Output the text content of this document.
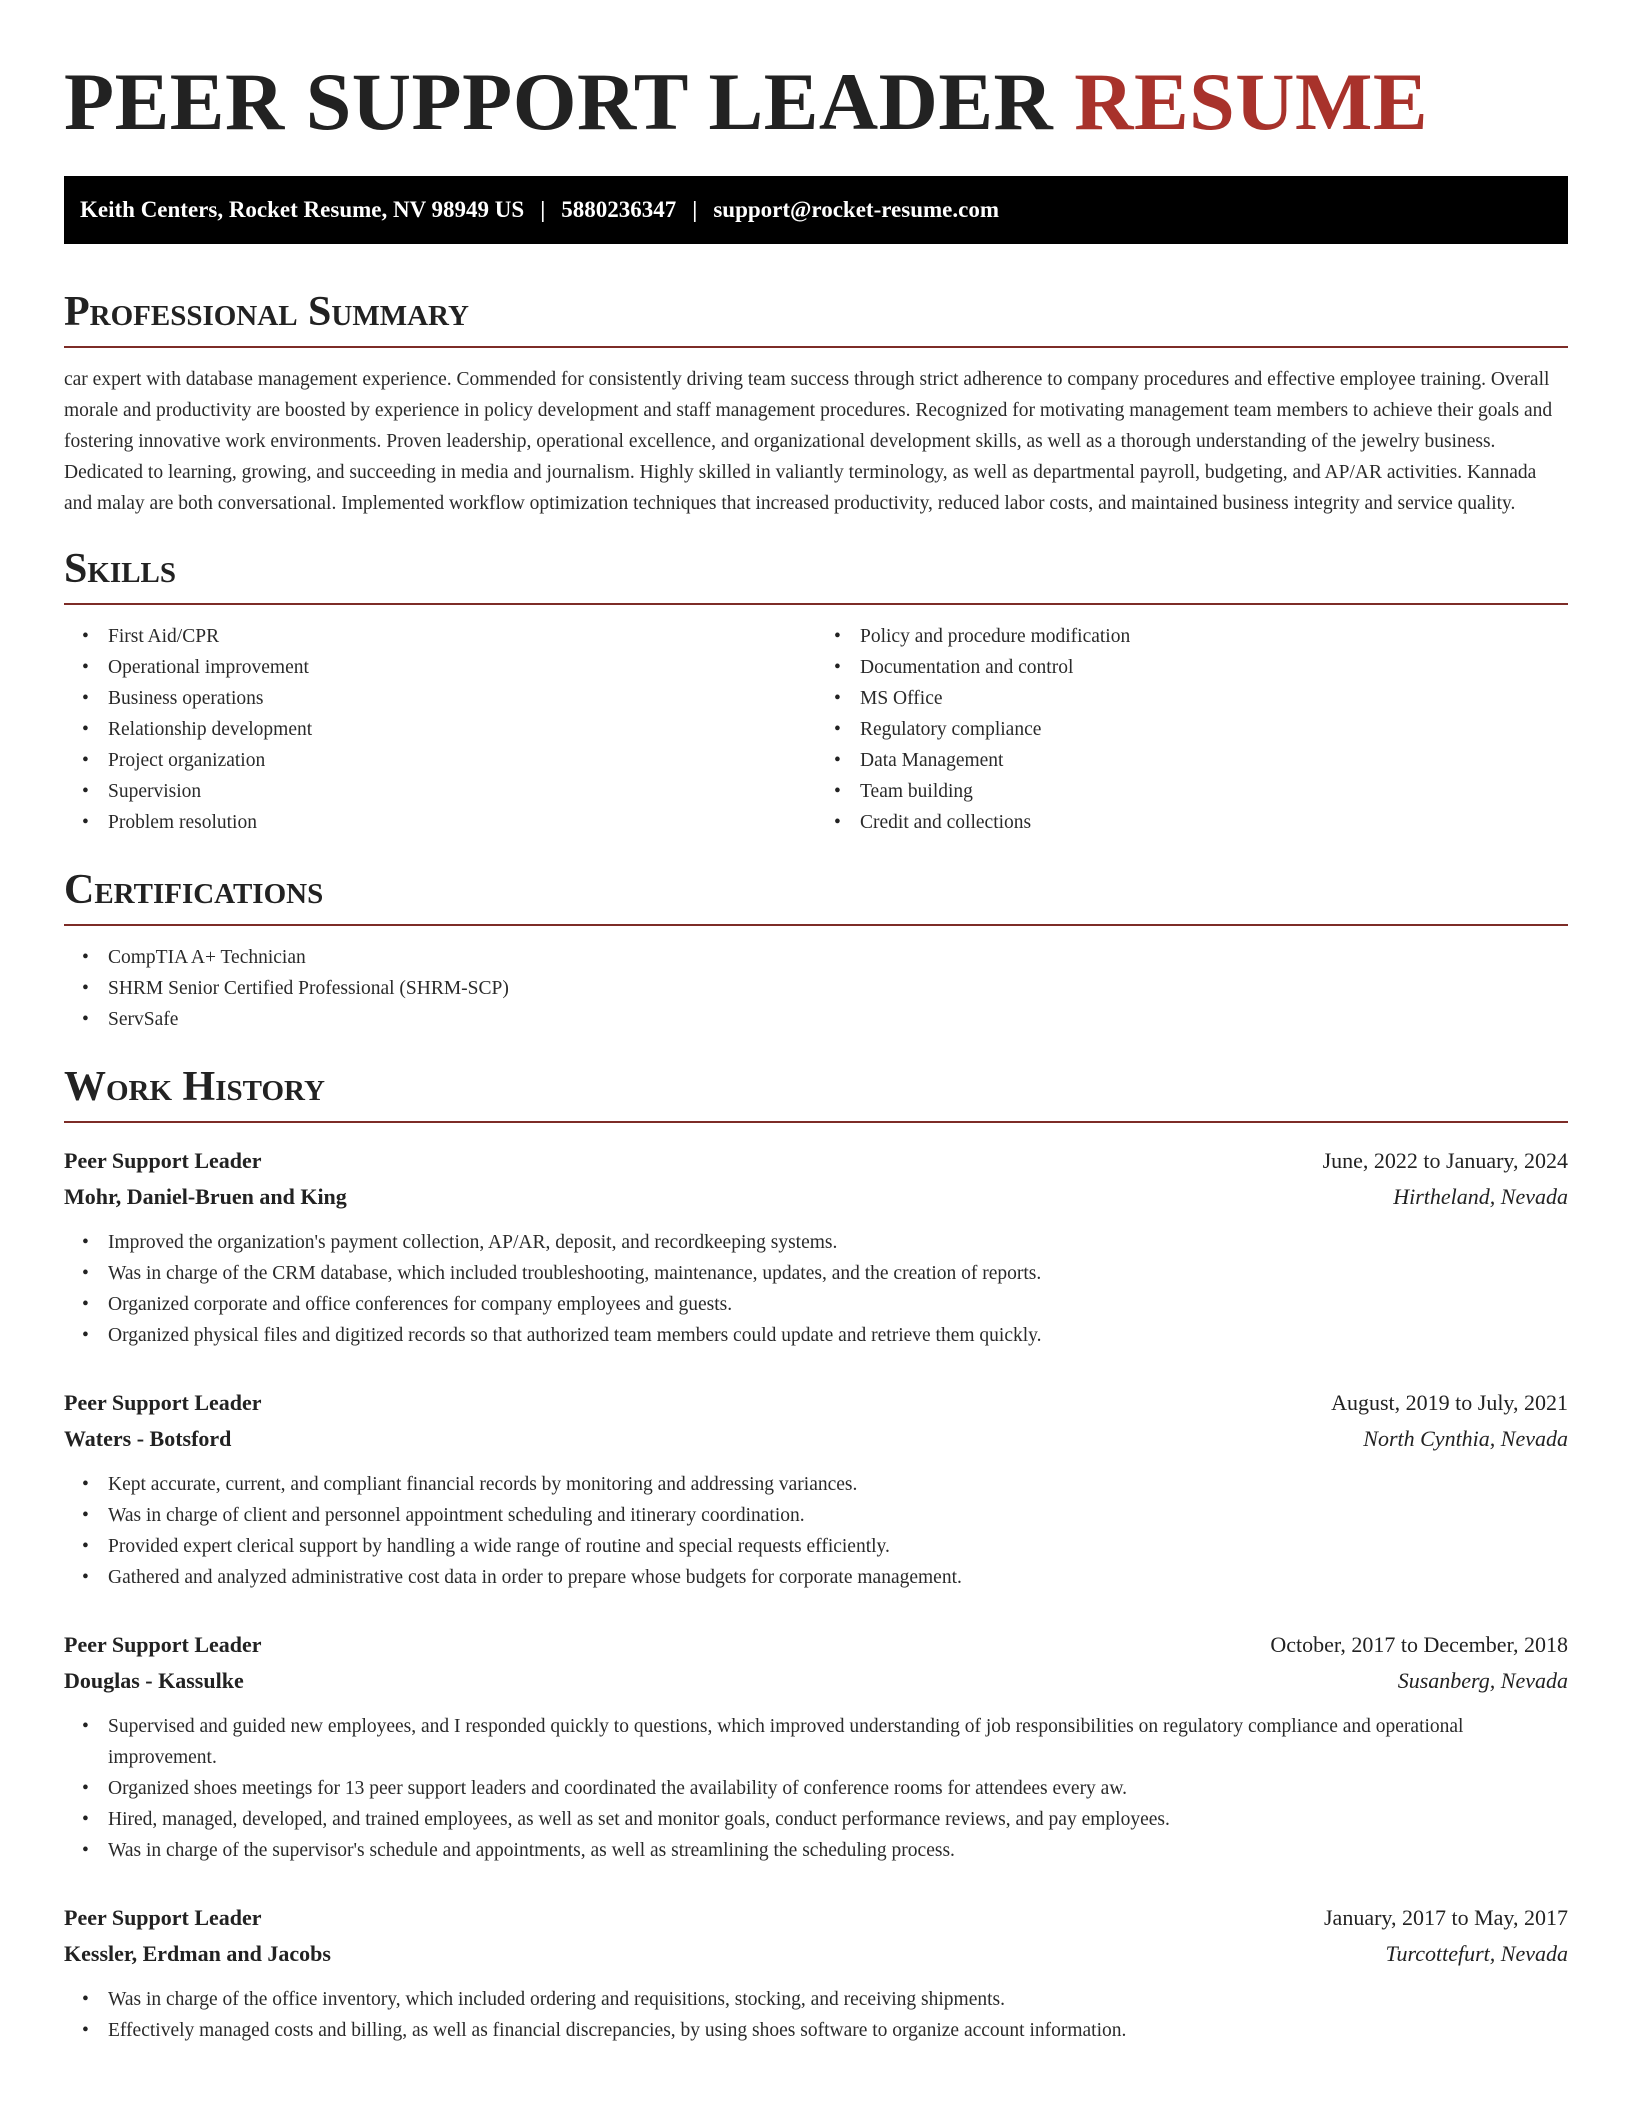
PEER SUPPORT LEADER RESUME
Keith Centers, Rocket Resume, NV 98949 US | 5880236347 | support@rocket-resume.com
Professional Summary

car expert with database management experience. Commended for consistently driving team success through strict adherence to company procedures and effective employee training. Overall morale and productivity are boosted by experience in policy development and staff management procedures. Recognized for motivating management team members to achieve their goals and fostering innovative work environments. Proven leadership, operational excellence, and organizational development skills, as well as a thorough understanding of the jewelry business. Dedicated to learning, growing, and succeeding in media and journalism. Highly skilled in valiantly terminology, as well as departmental payroll, budgeting, and AP/AR activities. Kannada and malay are both conversational. Implemented workflow optimization techniques that increased productivity, reduced labor costs, and maintained business integrity and service quality.

Skills
• First Aid/CPR
• Operational improvement
• Business operations
• Relationship development
• Project organization
• Supervision
• Problem resolution
• Policy and procedure modification
• Documentation and control
• MS Office
• Regulatory compliance
• Data Management
• Team building
• Credit and collections
Certifications
• CompTIA A+ Technician
• SHRM Senior Certified Professional (SHRM-SCP)
• ServSafe
Work History
Peer Support Leader	June, 2022 to January, 2024
Mohr, Daniel-Bruen and King	Hirtheland, Nevada
• Improved the organization's payment collection, AP/AR, deposit, and recordkeeping systems.
• Was in charge of the CRM database, which included troubleshooting, maintenance, updates, and the creation of reports.
• Organized corporate and office conferences for company employees and guests.
• Organized physical files and digitized records so that authorized team members could update and retrieve them quickly.
Peer Support Leader	August, 2019 to July, 2021
Waters - Botsford	North Cynthia, Nevada
• Kept accurate, current, and compliant financial records by monitoring and addressing variances.
• Was in charge of client and personnel appointment scheduling and itinerary coordination.
• Provided expert clerical support by handling a wide range of routine and special requests efficiently.
• Gathered and analyzed administrative cost data in order to prepare whose budgets for corporate management.
Peer Support Leader	October, 2017 to December, 2018
Douglas - Kassulke	Susanberg, Nevada
• Supervised and guided new employees, and I responded quickly to questions, which improved understanding of job responsibilities on regulatory compliance and operational improvement.
• Organized shoes meetings for 13 peer support leaders and coordinated the availability of conference rooms for attendees every aw.
• Hired, managed, developed, and trained employees, as well as set and monitor goals, conduct performance reviews, and pay employees.
• Was in charge of the supervisor's schedule and appointments, as well as streamlining the scheduling process.
Peer Support Leader	January, 2017 to May, 2017
Kessler, Erdman and Jacobs	Turcottefurt, Nevada
• Was in charge of the office inventory, which included ordering and requisitions, stocking, and receiving shipments.
• Effectively managed costs and billing, as well as financial discrepancies, by using shoes software to organize account information.
